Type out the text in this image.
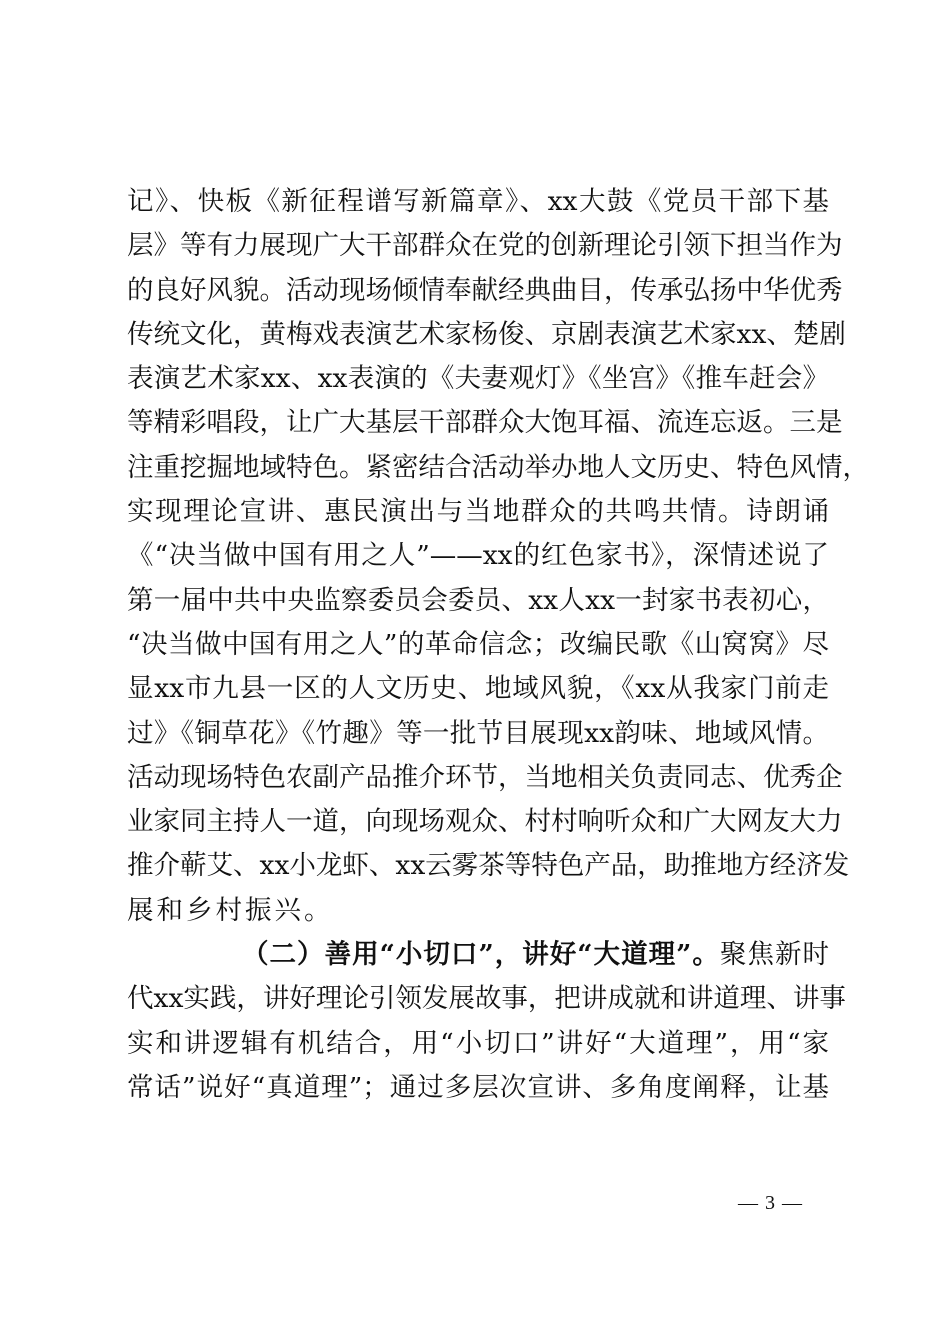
记》、快板《新征程谱写新篇章》、xx大鼓《党员干部下基
层》等有力展现广大干部群众在党的创新理论引领下担当作为
的良好风貌。活动现场倾情奉献经典曲目，传承弘扬中华优秀
传统文化，黄梅戏表演艺术家杨俊、京剧表演艺术家xx、楚剧
表演艺术家xx、xx表演的《夫妻观灯》《坐宫》《推车赶会》
等精彩唱段，让广大基层干部群众大饱耳福、流连忘返。三是
注重挖掘地域特色。紧密结合活动举办地人文历史、特色风情，
实现理论宣讲、惠民演出与当地群众的共鸣共情。诗朗诵
《“决当做中国有用之人”——xx的红色家书》，深情述说了
第一届中共中央监察委员会委员、xx人xx一封家书表初心，
“决当做中国有用之人”的革命信念；改编民歌《山窝窝》尽
显xx市九县一区的人文历史、地域风貌，《xx从我家门前走
过》《铜草花》《竹趣》等一批节目展现xx韵味、地域风情。
活动现场特色农副产品推介环节，当地相关负责同志、优秀企
业家同主持人一道，向现场观众、村村响听众和广大网友大力
推介蕲艾、xx小龙虾、xx云雾茶等特色产品，助推地方经济发
展和乡村振兴。
（二）善用“小切口”，讲好“大道理”。聚焦新时
代xx实践，讲好理论引领发展故事，把讲成就和讲道理、讲事
实和讲逻辑有机结合，用“小切口”讲好“大道理”，用“家
常话”说好“真道理”；通过多层次宣讲、多角度阐释，让基
— 3 —
